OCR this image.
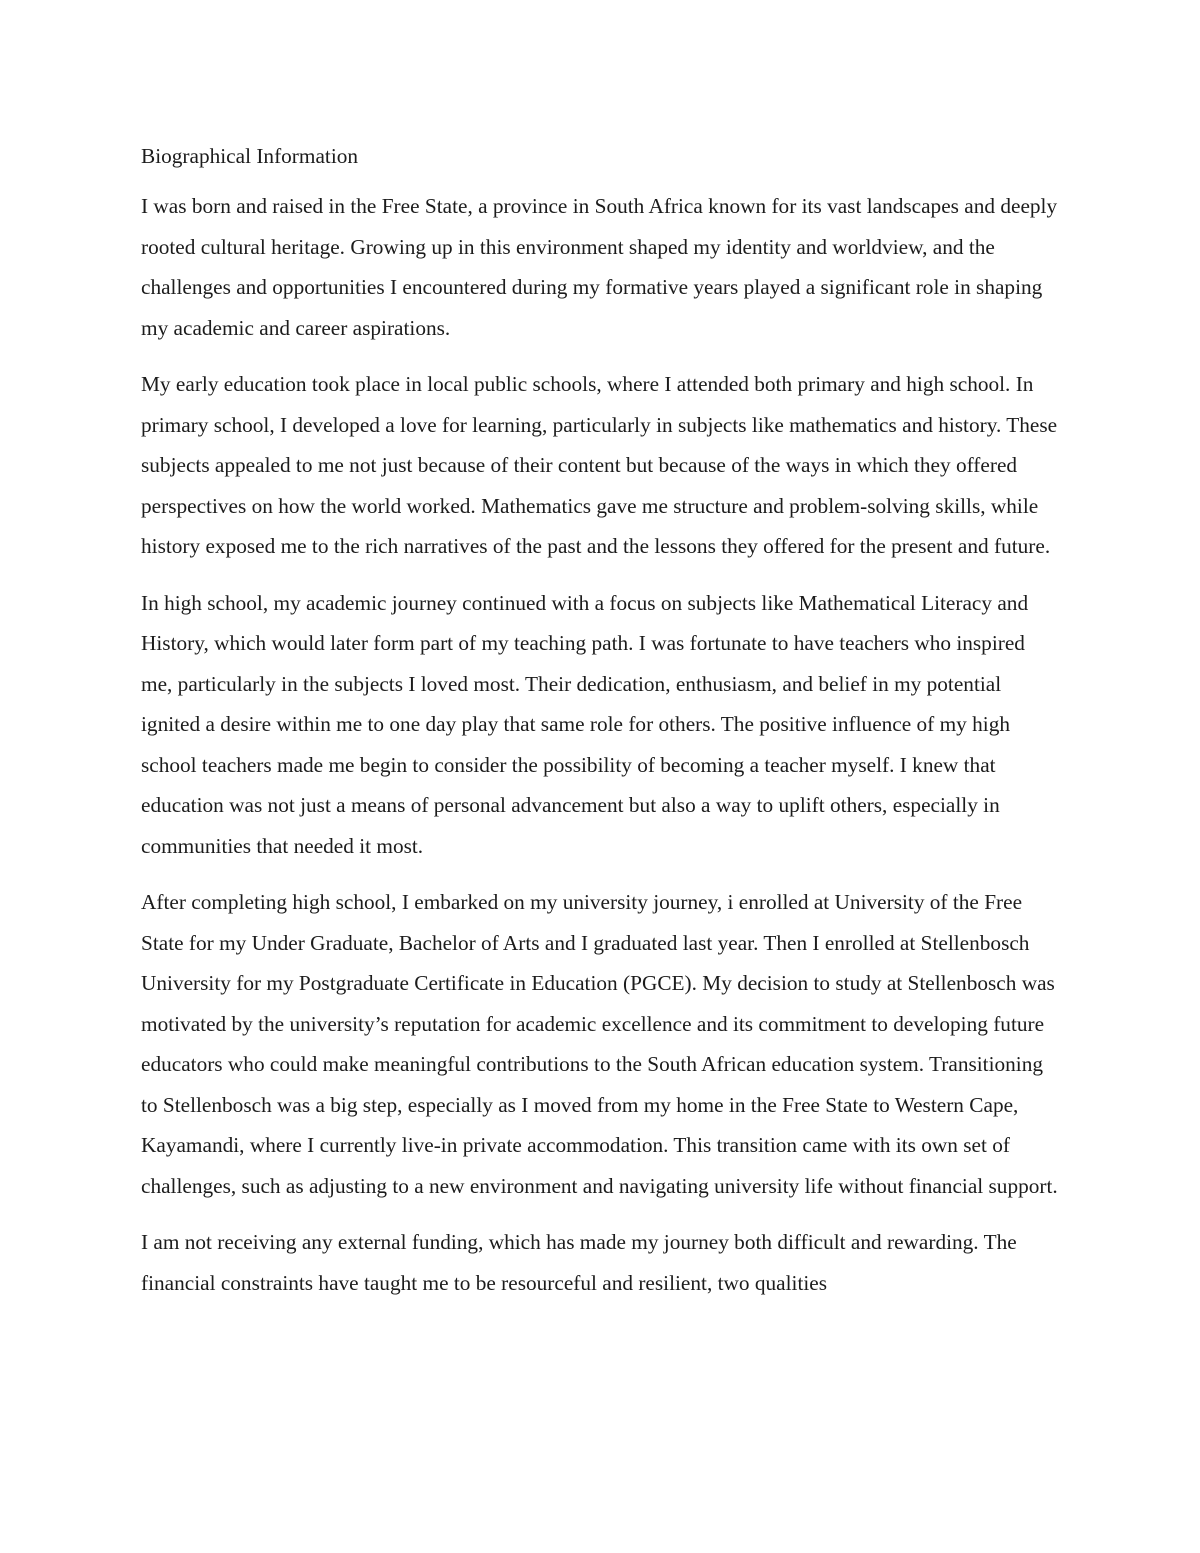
Biographical Information

I was born and raised in the Free State, a province in South Africa known for its vast landscapes and deeply rooted cultural heritage. Growing up in this environment shaped my identity and worldview, and the challenges and opportunities I encountered during my formative years played a significant role in shaping my academic and career aspirations.

My early education took place in local public schools, where I attended both primary and high school. In primary school, I developed a love for learning, particularly in subjects like mathematics and history. These subjects appealed to me not just because of their content but because of the ways in which they offered perspectives on how the world worked. Mathematics gave me structure and problem-solving skills, while history exposed me to the rich narratives of the past and the lessons they offered for the present and future.

In high school, my academic journey continued with a focus on subjects like Mathematical Literacy and History, which would later form part of my teaching path. I was fortunate to have teachers who inspired me, particularly in the subjects I loved most. Their dedication, enthusiasm, and belief in my potential ignited a desire within me to one day play that same role for others. The positive influence of my high school teachers made me begin to consider the possibility of becoming a teacher myself. I knew that education was not just a means of personal advancement but also a way to uplift others, especially in communities that needed it most.

After completing high school, I embarked on my university journey, i enrolled at University of the Free State for my Under Graduate, Bachelor of Arts and I graduated last year. Then I enrolled at Stellenbosch University for my Postgraduate Certificate in Education (PGCE). My decision to study at Stellenbosch was motivated by the university’s reputation for academic excellence and its commitment to developing future educators who could make meaningful contributions to the South African education system. Transitioning to Stellenbosch was a big step, especially as I moved from my home in the Free State to Western Cape, Kayamandi, where I currently live-in private accommodation. This transition came with its own set of challenges, such as adjusting to a new environment and navigating university life without financial support.

I am not receiving any external funding, which has made my journey both difficult and rewarding. The financial constraints have taught me to be resourceful and resilient, two qualities
